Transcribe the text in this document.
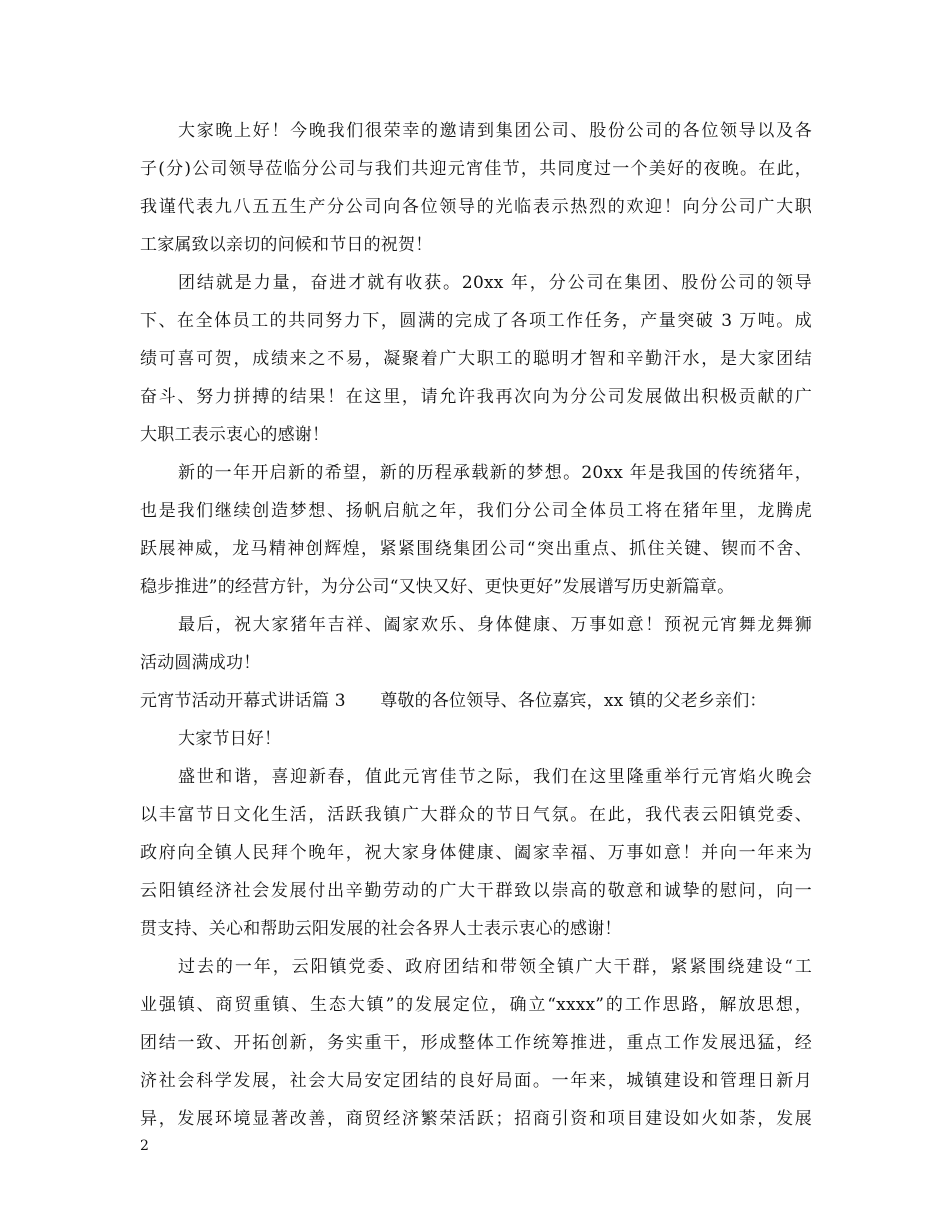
大家晚上好！今晚我们很荣幸的邀请到集团公司、股份公司的各位领导以及各
子(分)公司领导莅临分公司与我们共迎元宵佳节，共同度过一个美好的夜晚。在此，
我谨代表九八五五生产分公司向各位领导的光临表示热烈的欢迎！向分公司广大职
工家属致以亲切的问候和节日的祝贺！
团结就是力量，奋进才就有收获。20xx 年，分公司在集团、股份公司的领导
下、在全体员工的共同努力下，圆满的完成了各项工作任务，产量突破 3 万吨。成
绩可喜可贺，成绩来之不易，凝聚着广大职工的聪明才智和辛勤汗水，是大家团结
奋斗、努力拼搏的结果！在这里，请允许我再次向为分公司发展做出积极贡献的广
大职工表示衷心的感谢！
新的一年开启新的希望，新的历程承载新的梦想。20xx 年是我国的传统猪年，
也是我们继续创造梦想、扬帆启航之年，我们分公司全体员工将在猪年里，龙腾虎
跃展神威，龙马精神创辉煌，紧紧围绕集团公司“突出重点、抓住关键、锲而不舍、
稳步推进”的经营方针，为分公司“又快又好、更快更好”发展谱写历史新篇章。
最后，祝大家猪年吉祥、阖家欢乐、身体健康、万事如意！预祝元宵舞龙舞狮
活动圆满成功！
元宵节活动开幕式讲话篇 3　　尊敬的各位领导、各位嘉宾，xx 镇的父老乡亲们：
大家节日好！
盛世和谐，喜迎新春，值此元宵佳节之际，我们在这里隆重举行元宵焰火晚会
以丰富节日文化生活，活跃我镇广大群众的节日气氛。在此，我代表云阳镇党委、
政府向全镇人民拜个晚年，祝大家身体健康、阖家幸福、万事如意！并向一年来为
云阳镇经济社会发展付出辛勤劳动的广大干群致以崇高的敬意和诚挚的慰问，向一
贯支持、关心和帮助云阳发展的社会各界人士表示衷心的感谢！
过去的一年，云阳镇党委、政府团结和带领全镇广大干群，紧紧围绕建设“工
业强镇、商贸重镇、生态大镇”的发展定位，确立“xxxx”的工作思路，解放思想，
团结一致、开拓创新，务实重干，形成整体工作统筹推进，重点工作发展迅猛，经
济社会科学发展，社会大局安定团结的良好局面。一年来，城镇建设和管理日新月
异，发展环境显著改善，商贸经济繁荣活跃；招商引资和项目建设如火如荼，发展
2
